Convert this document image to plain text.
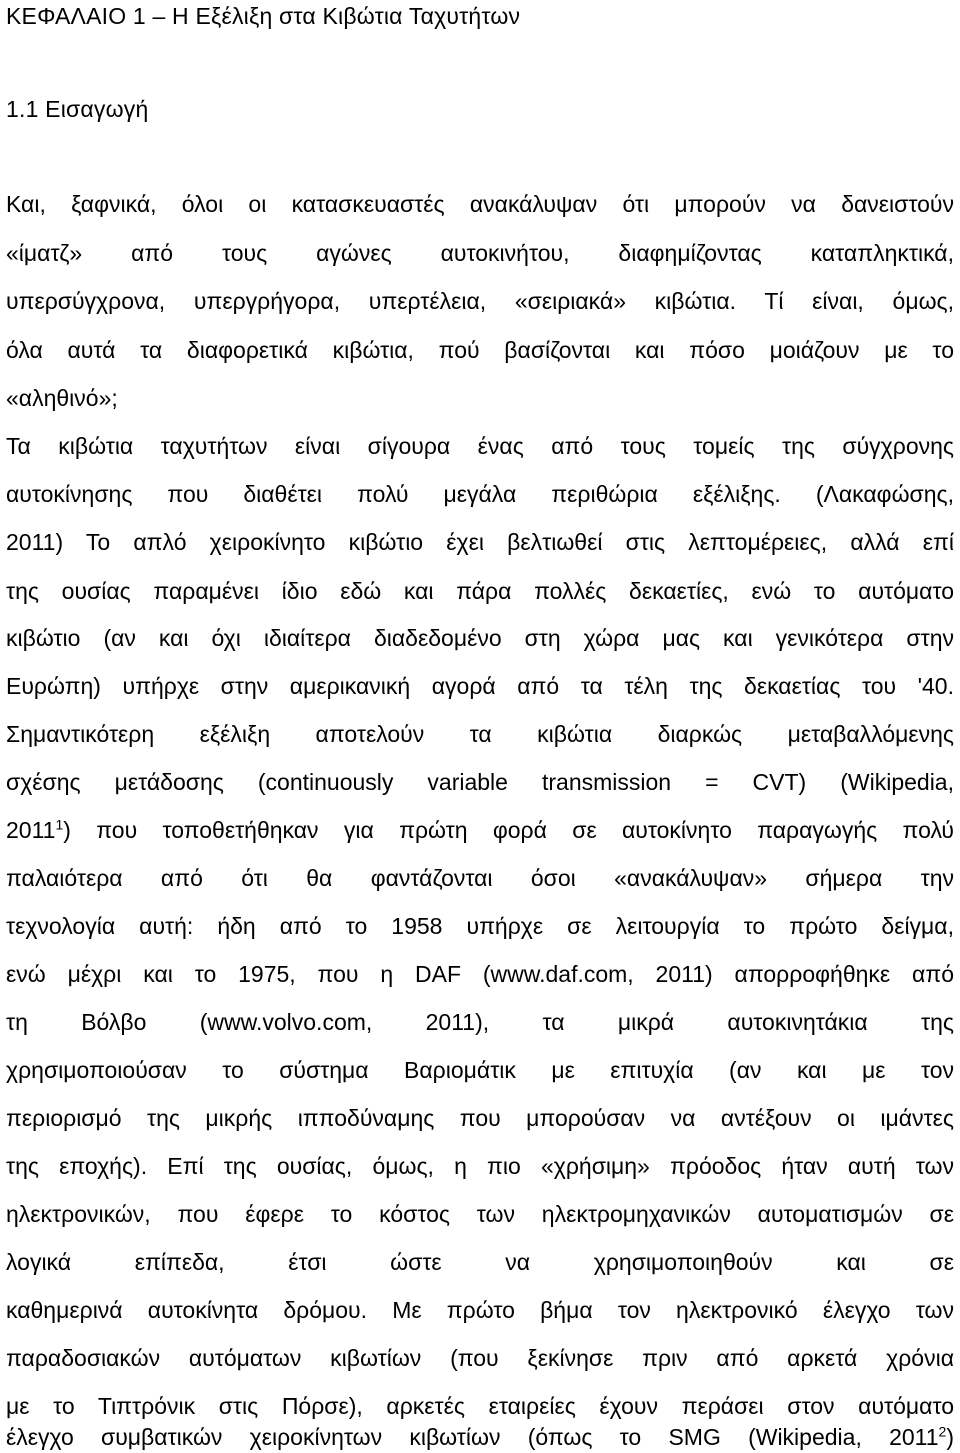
ΚΕΦΑΛΑΙΟ 1 – Η Εξέλιξη στα Κιβώτια Ταχυτήτων
1.1 Εισαγωγή
Και, ξαφνικά, όλοι οι κατασκευαστές ανακάλυψαν ότι μπορούν να δανειστούν
«ίματζ» από τους αγώνες αυτοκινήτου, διαφημίζοντας καταπληκτικά,
υπερσύγχρονα, υπεργρήγορα, υπερτέλεια, «σειριακά» κιβώτια. Τί είναι, όμως,
όλα αυτά τα διαφορετικά κιβώτια, πού βασίζονται και πόσο μοιάζουν με το
«αληθινό»;
Τα κιβώτια ταχυτήτων είναι σίγουρα ένας από τους τομείς της σύγχρονης
αυτοκίνησης που διαθέτει πολύ μεγάλα περιθώρια εξέλιξης. (Λακαφώσης,
2011) Το απλό χειροκίνητο κιβώτιο έχει βελτιωθεί στις λεπτομέρειες, αλλά επί
της ουσίας παραμένει ίδιο εδώ και πάρα πολλές δεκαετίες, ενώ το αυτόματο
κιβώτιο (αν και όχι ιδιαίτερα διαδεδομένο στη χώρα μας και γενικότερα στην
Ευρώπη) υπήρχε στην αμερικανική αγορά από τα τέλη της δεκαετίας του '40.
Σημαντικότερη εξέλιξη αποτελούν τα κιβώτια διαρκώς μεταβαλλόμενης
σχέσης μετάδοσης (continuously variable transmission = CVT) (Wikipedia,
2011$^1$) που τοποθετήθηκαν για πρώτη φορά σε αυτοκίνητο παραγωγής πολύ
παλαιότερα από ότι θα φαντάζονται όσοι «ανακάλυψαν» σήμερα την
τεχνολογία αυτή: ήδη από το 1958 υπήρχε σε λειτουργία το πρώτο δείγμα,
ενώ μέχρι και το 1975, που η DAF (www.daf.com, 2011) απορροφήθηκε από
τη Βόλβο (www.volvo.com, 2011), τα μικρά αυτοκινητάκια της
χρησιμοποιούσαν το σύστημα Βαριομάτικ με επιτυχία (αν και με τον
περιορισμό της μικρής ιπποδύναμης που μπορούσαν να αντέξουν οι ιμάντες
της εποχής). Επί της ουσίας, όμως, η πιο «χρήσιμη» πρόοδος ήταν αυτή των
ηλεκτρονικών, που έφερε το κόστος των ηλεκτρομηχανικών αυτοματισμών σε
λογικά επίπεδα, έτσι ώστε να χρησιμοποιηθούν και σε
καθημερινά αυτοκίνητα δρόμου. Με πρώτο βήμα τον ηλεκτρονικό έλεγχο των
παραδοσιακών αυτόματων κιβωτίων (που ξεκίνησε πριν από αρκετά χρόνια
με το Τιπτρόνικ στις Πόρσε), αρκετές εταιρείες έχουν περάσει στον αυτόματο
έλεγχο συμβατικών χειροκίνητων κιβωτίων (όπως το SMG (Wikipedia, 2011$^2$)
